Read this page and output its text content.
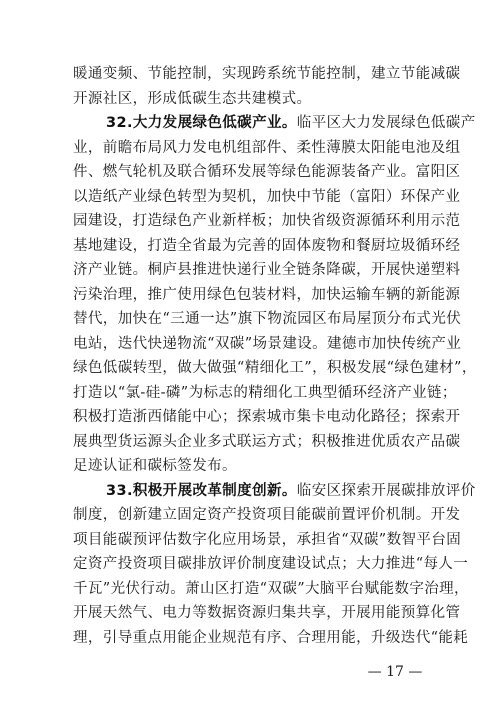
暖通变频、节能控制，实现跨系统节能控制，建立节能减碳
开源社区，形成低碳生态共建模式。
32.大力发展绿色低碳产业。临平区大力发展绿色低碳产
业，前瞻布局风力发电机组部件、柔性薄膜太阳能电池及组
件、燃气轮机及联合循环发展等绿色能源装备产业。富阳区
以造纸产业绿色转型为契机，加快中节能（富阳）环保产业
园建设，打造绿色产业新样板；加快省级资源循环利用示范
基地建设，打造全省最为完善的固体废物和餐厨垃圾循环经
济产业链。桐庐县推进快递行业全链条降碳，开展快递塑料
污染治理，推广使用绿色包装材料，加快运输车辆的新能源
替代，加快在“三通一达”旗下物流园区布局屋顶分布式光伏
电站，迭代快递物流“双碳”场景建设。建德市加快传统产业
绿色低碳转型，做大做强“精细化工”，积极发展“绿色建材”，
打造以“氯-硅-磷”为标志的精细化工典型循环经济产业链；
积极打造浙西储能中心；探索城市集卡电动化路径；探索开
展典型货运源头企业多式联运方式；积极推进优质农产品碳
足迹认证和碳标签发布。
33.积极开展改革制度创新。临安区探索开展碳排放评价
制度，创新建立固定资产投资项目能碳前置评价机制。开发
项目能碳预评估数字化应用场景，承担省“双碳”数智平台固
定资产投资项目碳排放评价制度建设试点；大力推进“每人一
千瓦”光伏行动。萧山区打造“双碳”大脑平台赋能数字治理，
开展天然气、电力等数据资源归集共享，开展用能预算化管
理，引导重点用能企业规范有序、合理用能，升级迭代“能耗
— 17 —
